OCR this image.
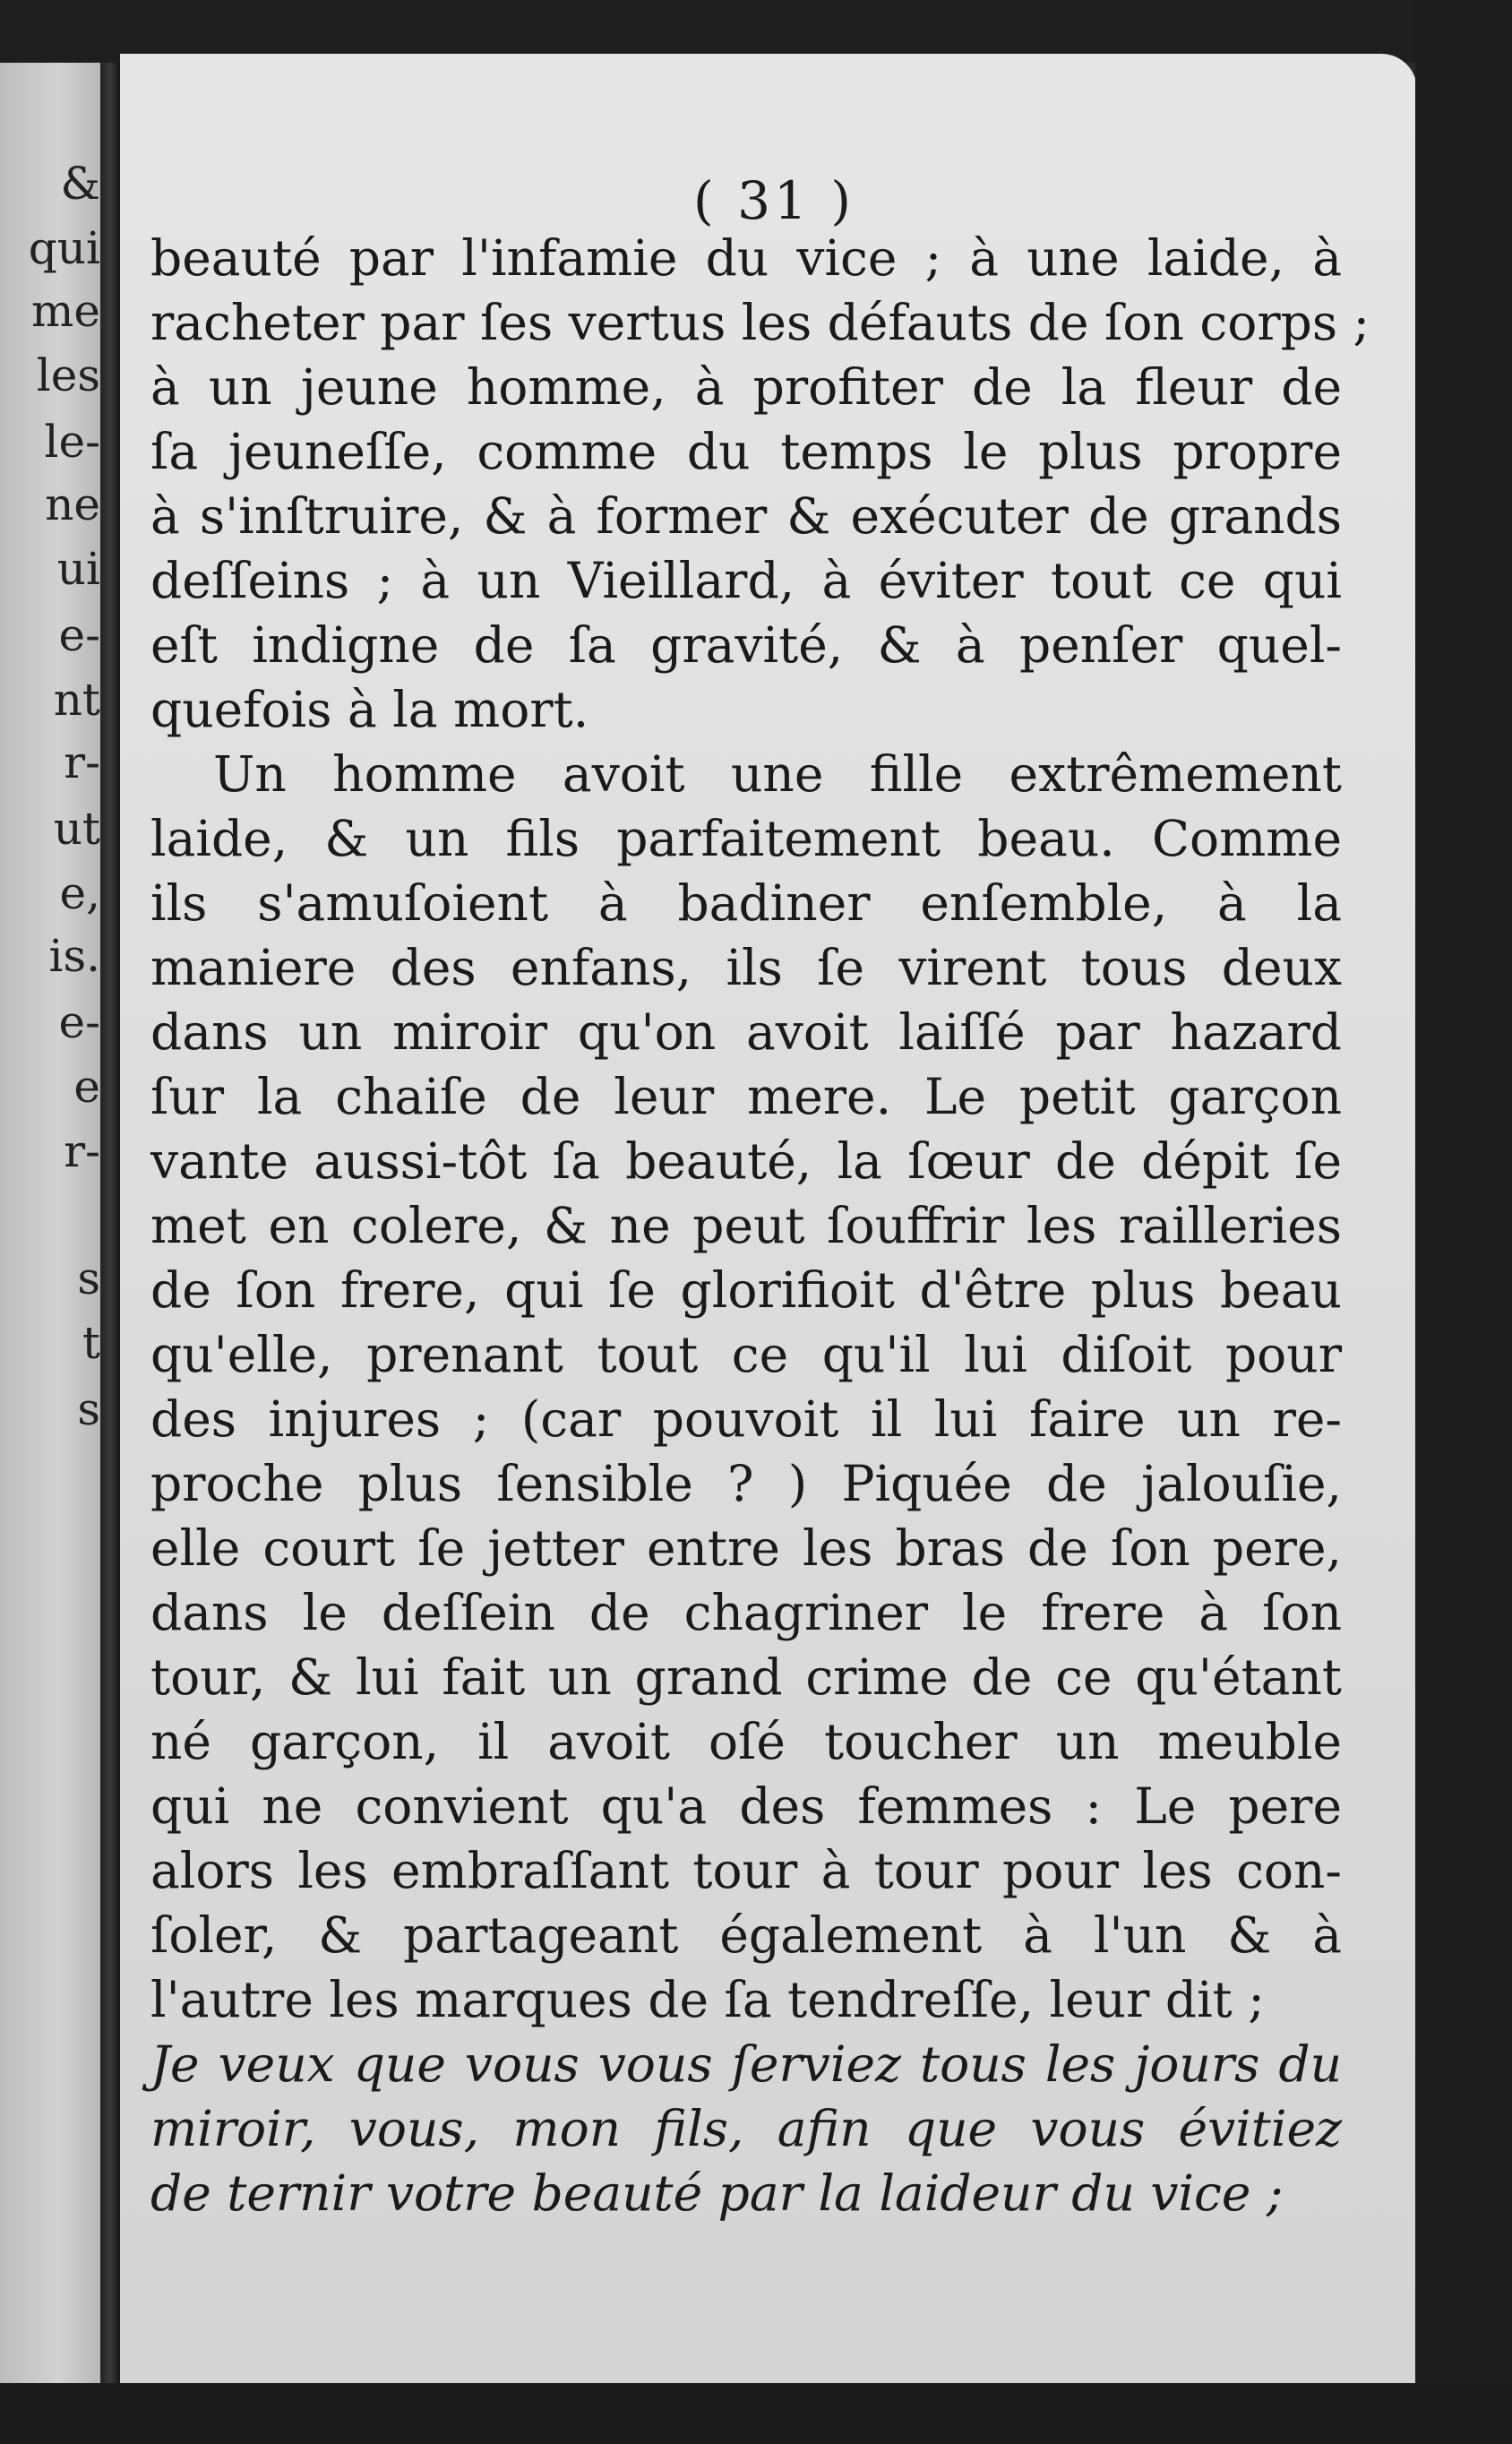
&
qui
me
les
le-
ne
ui
e-
nt
r-
ut
e,
is.
e-
e
r-
s
t
s
( 31 )
beauté par l'infamie du vice ; à une laide, à
racheter par ſes vertus les défauts de ſon corps ;
à un jeune homme, à profiter de la fleur de
ſa jeuneſſe, comme du temps le plus propre
à s'inſtruire, & à former & exécuter de grands
deſſeins ; à un Vieillard, à éviter tout ce qui
eſt indigne de ſa gravité, & à penſer quel-
quefois à la mort.
Un homme avoit une fille extrêmement
laide, & un fils parfaitement beau. Comme
ils s'amuſoient à badiner enſemble, à la
maniere des enfans, ils ſe virent tous deux
dans un miroir qu'on avoit laiſſé par hazard
ſur la chaiſe de leur mere. Le petit garçon
vante aussi-tôt ſa beauté, la ſœur de dépit ſe
met en colere, & ne peut ſouffrir les railleries
de ſon frere, qui ſe glorifioit d'être plus beau
qu'elle, prenant tout ce qu'il lui diſoit pour
des injures ; (car pouvoit il lui faire un re-
proche plus ſensible ? ) Piquée de jalouſie,
elle court ſe jetter entre les bras de ſon pere,
dans le deſſein de chagriner le frere à ſon
tour, & lui fait un grand crime de ce qu'étant
né garçon, il avoit oſé toucher un meuble
qui ne convient qu'a des femmes : Le pere
alors les embraſſant tour à tour pour les con-
ſoler, & partageant également à l'un & à
l'autre les marques de ſa tendreſſe, leur dit ;
Je veux que vous vous ſerviez tous les jours du
miroir, vous, mon fils, afin que vous évitiez
de ternir votre beauté par la laideur du vice ;
